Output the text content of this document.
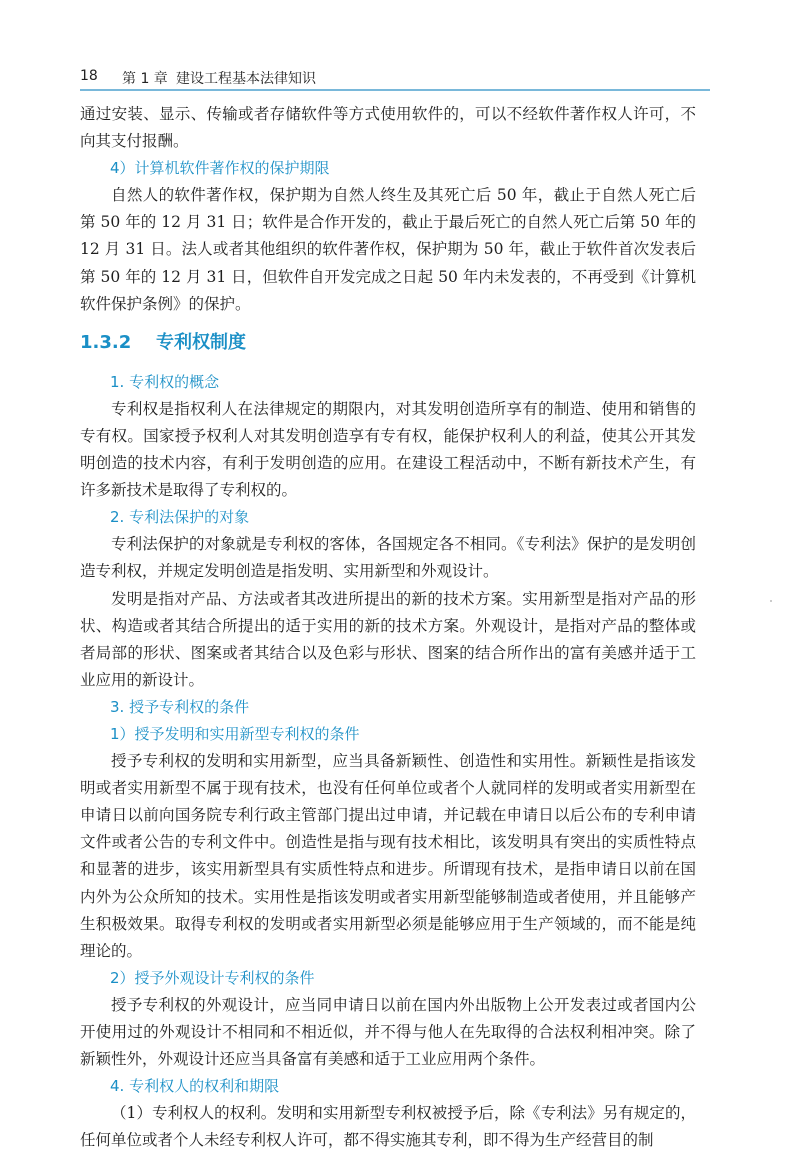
18 第 1 章 建设工程基本法律知识

通过安装、显示、传输或者存储软件等方式使用软件的，可以不经软件著作权人许可，不向其支付报酬。

4）计算机软件著作权的保护期限

自然人的软件著作权，保护期为自然人终生及其死亡后 50 年，截止于自然人死亡后第 50 年的 12 月 31 日；软件是合作开发的，截止于最后死亡的自然人死亡后第 50 年的 12 月 31 日。法人或者其他组织的软件著作权，保护期为 50 年，截止于软件首次发表后第 50 年的 12 月 31 日，但软件自开发完成之日起 50 年内未发表的，不再受到《计算机软件保护条例》的保护。

1.3.2 专利权制度

1. 专利权的概念

专利权是指权利人在法律规定的期限内，对其发明创造所享有的制造、使用和销售的专有权。国家授予权利人对其发明创造享有专有权，能保护权利人的利益，使其公开其发明创造的技术内容，有利于发明创造的应用。在建设工程活动中，不断有新技术产生，有许多新技术是取得了专利权的。

2. 专利法保护的对象

专利法保护的对象就是专利权的客体，各国规定各不相同。《专利法》保护的是发明创造专利权，并规定发明创造是指发明、实用新型和外观设计。

发明是指对产品、方法或者其改进所提出的新的技术方案。实用新型是指对产品的形状、构造或者其结合所提出的适于实用的新的技术方案。外观设计，是指对产品的整体或者局部的形状、图案或者其结合以及色彩与形状、图案的结合所作出的富有美感并适于工业应用的新设计。

3. 授予专利权的条件

1）授予发明和实用新型专利权的条件

授予专利权的发明和实用新型，应当具备新颖性、创造性和实用性。新颖性是指该发明或者实用新型不属于现有技术，也没有任何单位或者个人就同样的发明或者实用新型在申请日以前向国务院专利行政主管部门提出过申请，并记载在申请日以后公布的专利申请文件或者公告的专利文件中。创造性是指与现有技术相比，该发明具有突出的实质性特点和显著的进步，该实用新型具有实质性特点和进步。所谓现有技术，是指申请日以前在国内外为公众所知的技术。实用性是指该发明或者实用新型能够制造或者使用，并且能够产生积极效果。取得专利权的发明或者实用新型必须是能够应用于生产领域的，而不能是纯理论的。

2）授予外观设计专利权的条件

授予专利权的外观设计，应当同申请日以前在国内外出版物上公开发表过或者国内公开使用过的外观设计不相同和不相近似，并不得与他人在先取得的合法权利相冲突。除了新颖性外，外观设计还应当具备富有美感和适于工业应用两个条件。

4. 专利权人的权利和期限

（1）专利权人的权利。发明和实用新型专利权被授予后，除《专利法》另有规定的，任何单位或者个人未经专利权人许可，都不得实施其专利，即不得为生产经营目的制
